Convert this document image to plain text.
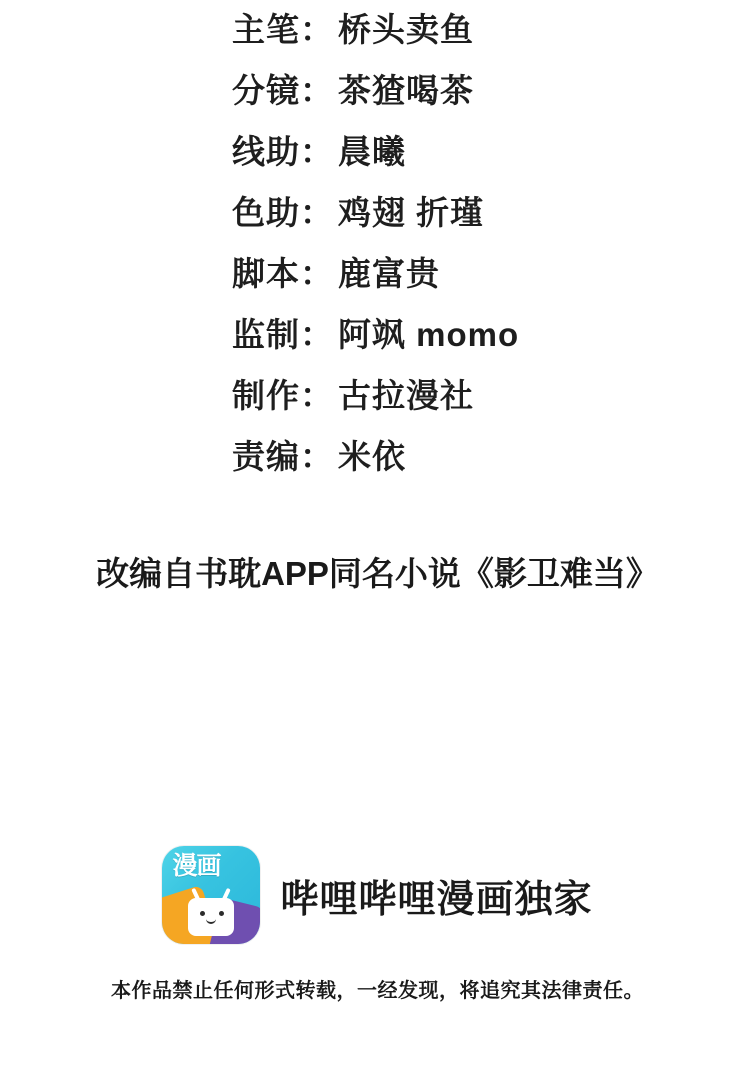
主笔 ： 桥头卖鱼
分镜 ： 茶猹喝茶
线助 ： 晨曦
色助 ： 鸡翅 折瑾
脚本 ： 鹿富贵
监制 ： 阿飒 momo
制作 ： 古拉漫社
责编 ： 米依
改编自书耽APP同名小说《影卫难当》
漫画
哔哩哔哩漫画独家
本作品禁止任何形式转载，一经发现，将追究其法律责任。
